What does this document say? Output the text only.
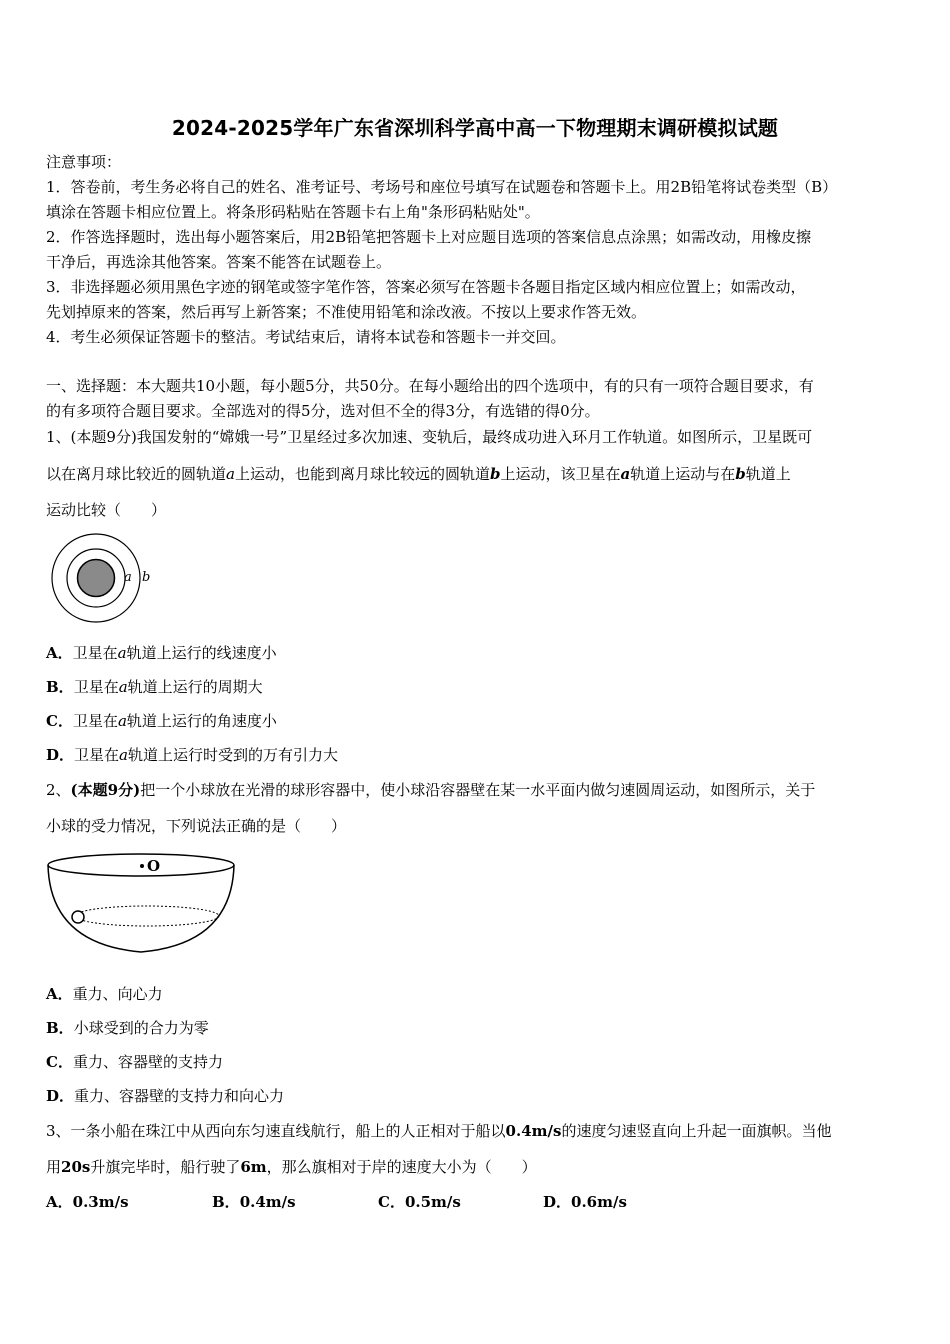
2024-2025学年广东省深圳科学高中高一下物理期末调研模拟试题
注意事项：
1．答卷前，考生务必将自己的姓名、准考证号、考场号和座位号填写在试题卷和答题卡上。用2B铅笔将试卷类型（B）
填涂在答题卡相应位置上。将条形码粘贴在答题卡右上角"条形码粘贴处"。
2．作答选择题时，选出每小题答案后，用2B铅笔把答题卡上对应题目选项的答案信息点涂黑；如需改动，用橡皮擦
干净后，再选涂其他答案。答案不能答在试题卷上。
3．非选择题必须用黑色字迹的钢笔或签字笔作答，答案必须写在答题卡各题目指定区域内相应位置上；如需改动，
先划掉原来的答案，然后再写上新答案；不准使用铅笔和涂改液。不按以上要求作答无效。
4．考生必须保证答题卡的整洁。考试结束后，请将本试卷和答题卡一并交回。
一、选择题：本大题共10小题，每小题5分，共50分。在每小题给出的四个选项中，有的只有一项符合题目要求，有
的有多项符合题目要求。全部选对的得5分，选对但不全的得3分，有选错的得0分。
1、(本题9分)我国发射的“嫦娥一号”卫星经过多次加速、变轨后，最终成功进入环月工作轨道。如图所示，卫星既可
以在离月球比较近的圆轨道a上运动，也能到离月球比较远的圆轨道b上运动，该卫星在a轨道上运动与在b轨道上
运动比较（　　）
a b
A．卫星在a轨道上运行的线速度小
B．卫星在a轨道上运行的周期大
C．卫星在a轨道上运行的角速度小
D．卫星在a轨道上运行时受到的万有引力大
2、(本题9分)把一个小球放在光滑的球形容器中，使小球沿容器壁在某一水平面内做匀速圆周运动，如图所示，关于
小球的受力情况，下列说法正确的是（　　）
O
A．重力、向心力
B．小球受到的合力为零
C．重力、容器壁的支持力
D．重力、容器壁的支持力和向心力
3、一条小船在珠江中从西向东匀速直线航行，船上的人正相对于船以0.4m/s的速度匀速竖直向上升起一面旗帜。当他
用20s升旗完毕时，船行驶了6m，那么旗相对于岸的速度大小为（　　）
A．0.3m/s	B．0.4m/s	C．0.5m/s	D．0.6m/s
